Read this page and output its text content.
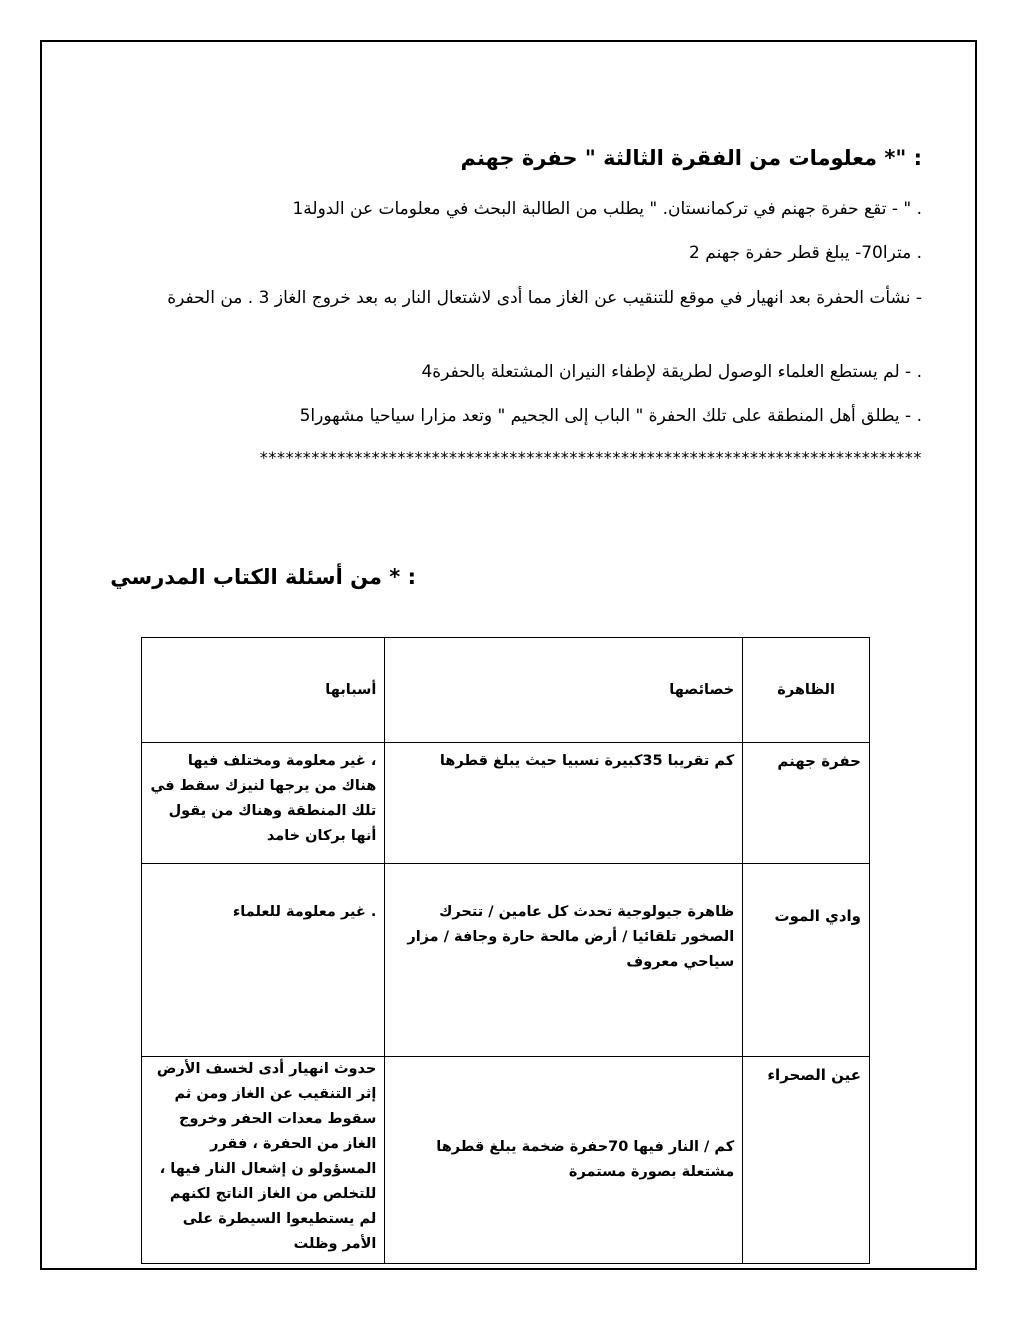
: "* معلومات من الفقرة الثالثة " حفرة جهنم
. " - تقع حفرة جهنم في تركمانستان. " يطلب من الطالبة البحث في معلومات عن الدولة1
. مترا70- يبلغ قطر حفرة جهنم 2
- نشأت الحفرة بعد انهيار في موقع للتنقيب عن الغاز مما أدى لاشتعال النار به بعد خروج الغاز 3 . من الحفرة
. - لم يستطع العلماء الوصول لطريقة لإطفاء النيران المشتعلة بالحفرة4
. - يطلق أهل المنطقة على تلك الحفرة " الباب إلى الجحيم " وتعد مزارا سياحيا مشهورا5
*****************************************************************************
: * من أسئلة الكتاب المدرسي
الظاهرة	خصائصها	أسبابها
حفرة جهنم	كم تقريبا 35كبيرة نسبيا حيث يبلغ قطرها	، غير معلومة ومختلف فيها هناك من يرجها لنيزك سقط في تلك المنطقة وهناك من يقول أنها بركان خامد
وادي الموت	ظاهرة جيولوجية تحدث كل عامين / تتحرك الصخور تلقائيا / أرض مالحة حارة وجافة / مزار سياحي معروف	. غير معلومة للعلماء
عين الصحراء	كم / النار فيها 70حفرة ضخمة يبلغ قطرها مشتعلة بصورة مستمرة	حدوث انهيار أدى لخسف الأرض إثر التنقيب عن الغاز ومن ثم سقوط معدات الحفر وخروج الغاز من الحفرة ، فقرر المسؤولو ن إشعال النار فيها ، للتخلص من الغاز الناتج لكنهم لم يستطيعوا السيطرة على الأمر وظلت
